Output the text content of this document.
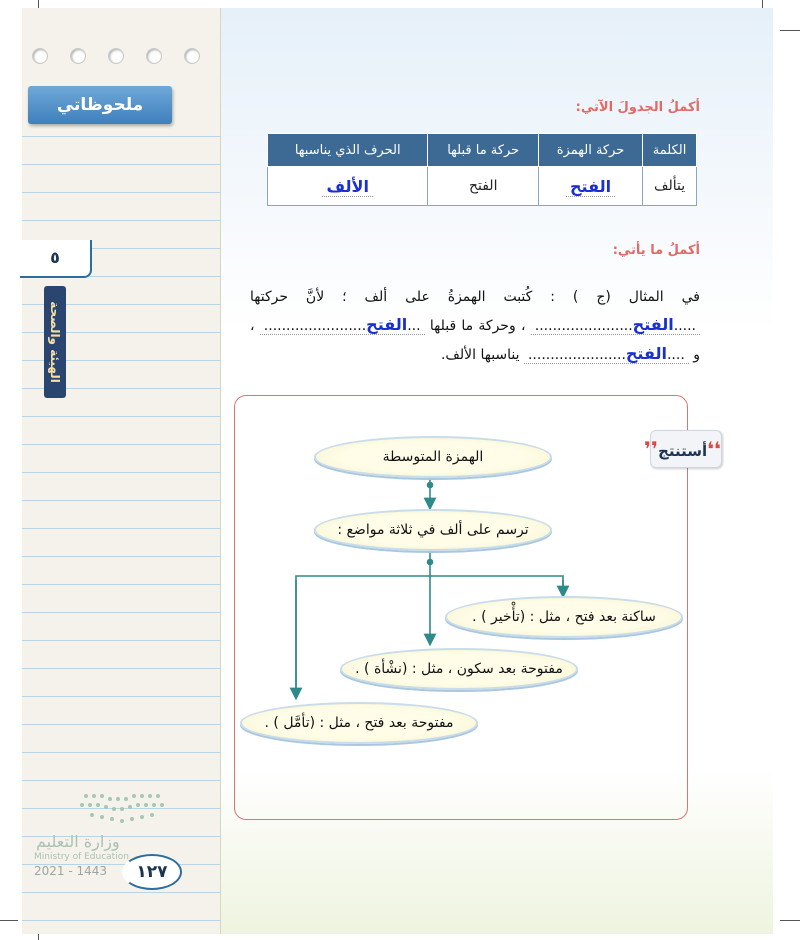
ملحوظاتي
٥
الهيئة والصحة
وزارة التعليم
Ministry of Education
2021 - 1443	١٢٧
أكملُ الجدولَ الآتي:
الكلمة	حركة الهمزة	حركة ما قبلها	الحرف الذي يناسبها
يتألف	الفتح	الفتح	الألف
أكملُ ما يأتي:
في المثال (ج ) : كُتبت الهمزةُ على ألف ؛ لأنَّ حركتها .....الفتح...................... ، وحركة ما قبلها ...الفتح....................... ، و ....الفتح...................... يناسبها الألف.
❛❛أستنتج❜❜
الهمزة المتوسطة
ترسم على ألف في ثلاثة مواضع :
ساكنة بعد فتح ، مثل : (تأْخير ) .
مفتوحة بعد سكون ، مثل : (نشْأة ) .
مفتوحة بعد فتح ، مثل : (تأمَّل ) .
